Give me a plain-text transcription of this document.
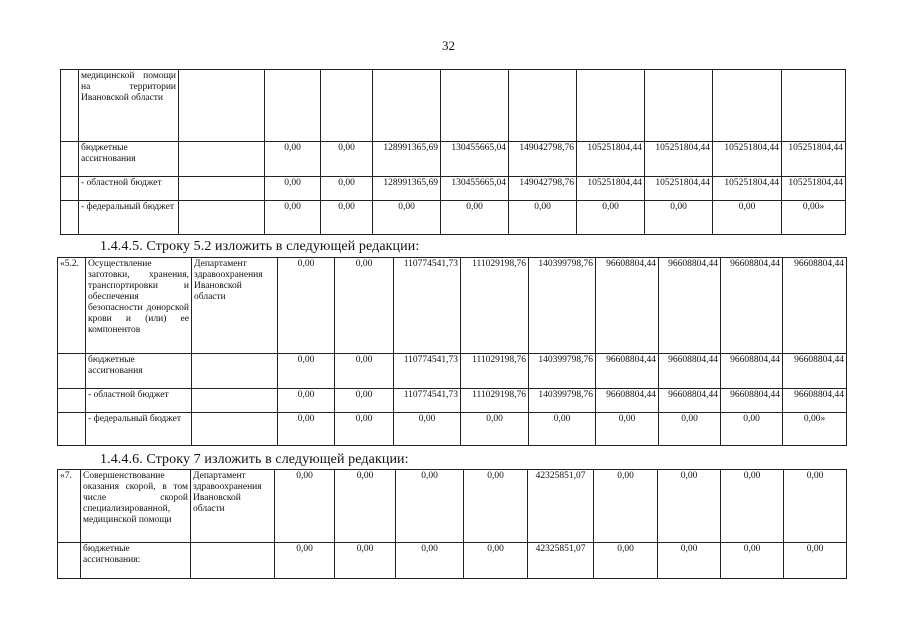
32
	медицинской помощи на территории Ивановской области										
	бюджетные ассигнования		0,00	0,00	128991365,69	130455665,04	149042798,76	105251804,44	105251804,44	105251804,44	105251804,44
	- областной бюджет		0,00	0,00	128991365,69	130455665,04	149042798,76	105251804,44	105251804,44	105251804,44	105251804,44
	- федеральный бюджет		0,00	0,00	0,00	0,00	0,00	0,00	0,00	0,00	0,00»
1.4.4.5. Строку 5.2 изложить в следующей редакции:
«5.2.	Осуществление заготовки, хранения, транспортировки и обеспечения безопасности донорской крови и (или) ее компонентов	Департамент здравоохранения Ивановской области	0,00	0,00	110774541,73	111029198,76	140399798,76	96608804,44	96608804,44	96608804,44	96608804,44
	бюджетные ассигнования		0,00	0,00	110774541,73	111029198,76	140399798,76	96608804,44	96608804,44	96608804,44	96608804,44
	- областной бюджет		0,00	0,00	110774541,73	111029198,76	140399798,76	96608804,44	96608804,44	96608804,44	96608804,44
	- федеральный бюджет		0,00	0,00	0,00	0,00	0,00	0,00	0,00	0,00	0,00»
1.4.4.6. Строку 7 изложить в следующей редакции:
«7.	Совершенствование оказания скорой, в том числе скорой специализированной, медицинской помощи	Департамент здравоохранения Ивановской области	0,00	0,00	0,00	0,00	42325851,07	0,00	0,00	0,00	0,00
	бюджетные ассигнования:		0,00	0,00	0,00	0,00	42325851,07	0,00	0,00	0,00	0,00
